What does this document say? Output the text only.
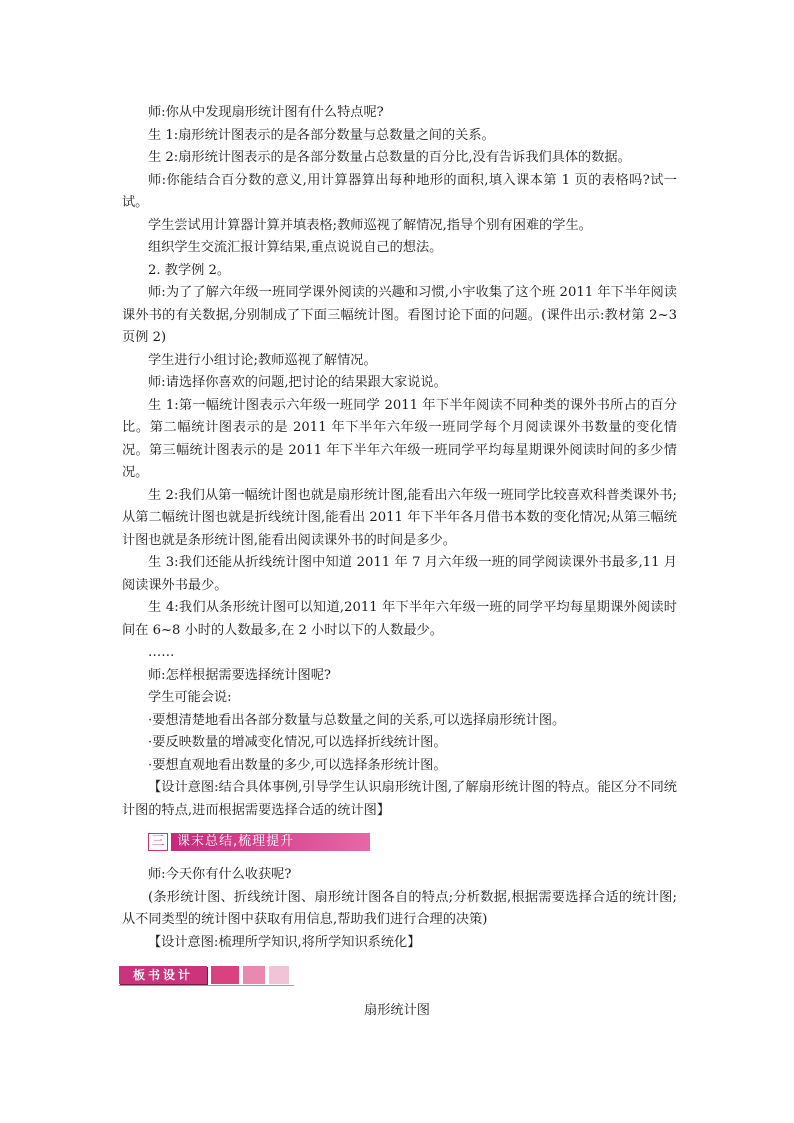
师:你从中发现扇形统计图有什么特点呢?

生 1:扇形统计图表示的是各部分数量与总数量之间的关系。

生 2:扇形统计图表示的是各部分数量占总数量的百分比,没有告诉我们具体的数据。

师:你能结合百分数的意义,用计算器算出每种地形的面积,填入课本第 1 页的表格吗?试一试。

学生尝试用计算器计算并填表格;教师巡视了解情况,指导个别有困难的学生。

组织学生交流汇报计算结果,重点说说自己的想法。

2. 教学例 2。

师:为了了解六年级一班同学课外阅读的兴趣和习惯,小宇收集了这个班 2011 年下半年阅读课外书的有关数据,分别制成了下面三幅统计图。看图讨论下面的问题。(课件出示:教材第 2~3 页例 2)

学生进行小组讨论;教师巡视了解情况。

师:请选择你喜欢的问题,把讨论的结果跟大家说说。

生 1:第一幅统计图表示六年级一班同学 2011 年下半年阅读不同种类的课外书所占的百分比。第二幅统计图表示的是 2011 年下半年六年级一班同学每个月阅读课外书数量的变化情况。第三幅统计图表示的是 2011 年下半年六年级一班同学平均每星期课外阅读时间的多少情况。

生 2:我们从第一幅统计图也就是扇形统计图,能看出六年级一班同学比较喜欢科普类课外书;从第二幅统计图也就是折线统计图,能看出 2011 年下半年各月借书本数的变化情况;从第三幅统计图也就是条形统计图,能看出阅读课外书的时间是多少。

生 3:我们还能从折线统计图中知道 2011 年 7 月六年级一班的同学阅读课外书最多,11 月阅读课外书最少。

生 4:我们从条形统计图可以知道,2011 年下半年六年级一班的同学平均每星期课外阅读时间在 6~8 小时的人数最多,在 2 小时以下的人数最少。

……

师:怎样根据需要选择统计图呢?

学生可能会说:

·要想清楚地看出各部分数量与总数量之间的关系,可以选择扇形统计图。

·要反映数量的增减变化情况,可以选择折线统计图。

·要想直观地看出数量的多少,可以选择条形统计图。

【设计意图:结合具体事例,引导学生认识扇形统计图,了解扇形统计图的特点。能区分不同统计图的特点,进而根据需要选择合适的统计图】

三 课末总结,梳理提升

师:今天你有什么收获呢?

(条形统计图、折线统计图、扇形统计图各自的特点;分析数据,根据需要选择合适的统计图;从不同类型的统计图中获取有用信息,帮助我们进行合理的决策)

【设计意图:梳理所学知识,将所学知识系统化】

板书设计
扇形统计图
